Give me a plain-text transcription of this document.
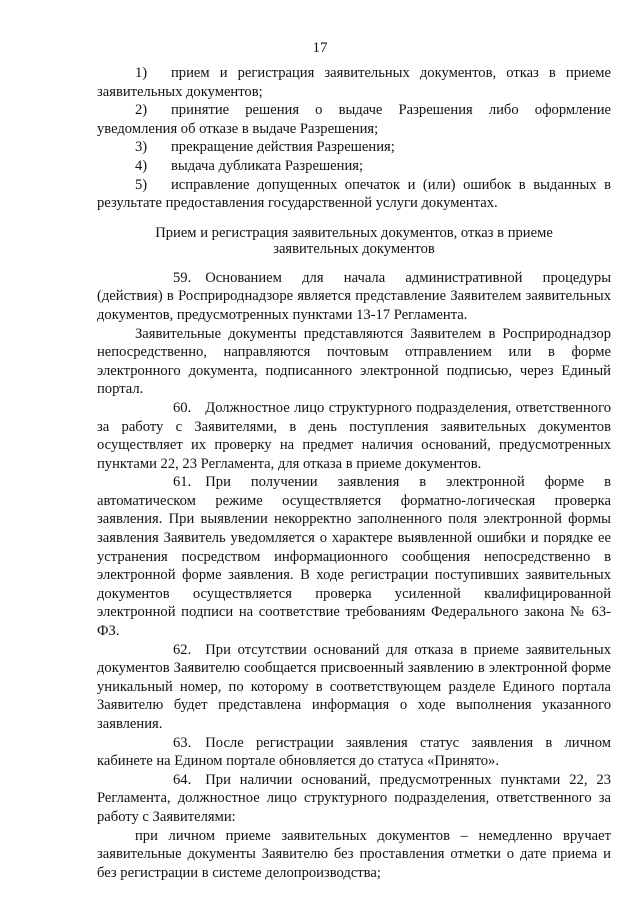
17

1) прием и регистрация заявительных документов, отказ в приеме заявительных документов;

2) принятие решения о выдаче Разрешения либо оформление уведомления об отказе в выдаче Разрешения;

3) прекращение действия Разрешения;

4) выдача дубликата Разрешения;

5) исправление допущенных опечаток и (или) ошибок в выданных в результате предоставления государственной услуги документах.

Прием и регистрация заявительных документов, отказ в приеме
заявительных документов

59. Основанием для начала административной процедуры (действия) в Росприроднадзоре является представление Заявителем заявительных документов, предусмотренных пунктами 13-17 Регламента.

Заявительные документы представляются Заявителем в Росприроднадзор непосредственно, направляются почтовым отправлением или в форме электронного документа, подписанного электронной подписью, через Единый портал.

60. Должностное лицо структурного подразделения, ответственного за работу с Заявителями, в день поступления заявительных документов осуществляет их проверку на предмет наличия оснований, предусмотренных пунктами 22, 23 Регламента, для отказа в приеме документов.

61. При получении заявления в электронной форме в автоматическом режиме осуществляется форматно-логическая проверка заявления. При выявлении некорректно заполненного поля электронной формы заявления Заявитель уведомляется о характере выявленной ошибки и порядке ее устранения посредством информационного сообщения непосредственно в электронной форме заявления. В ходе регистрации поступивших заявительных документов осуществляется проверка усиленной квалифицированной электронной подписи на соответствие требованиям Федерального закона № 63-ФЗ.

62. При отсутствии оснований для отказа в приеме заявительных документов Заявителю сообщается присвоенный заявлению в электронной форме уникальный номер, по которому в соответствующем разделе Единого портала Заявителю будет представлена информация о ходе выполнения указанного заявления.

63. После регистрации заявления статус заявления в личном кабинете на Едином портале обновляется до статуса «Принято».

64. При наличии оснований, предусмотренных пунктами 22, 23 Регламента, должностное лицо структурного подразделения, ответственного за работу с Заявителями:

при личном приеме заявительных документов – немедленно вручает заявительные документы Заявителю без проставления отметки о дате приема и без регистрации в системе делопроизводства;
